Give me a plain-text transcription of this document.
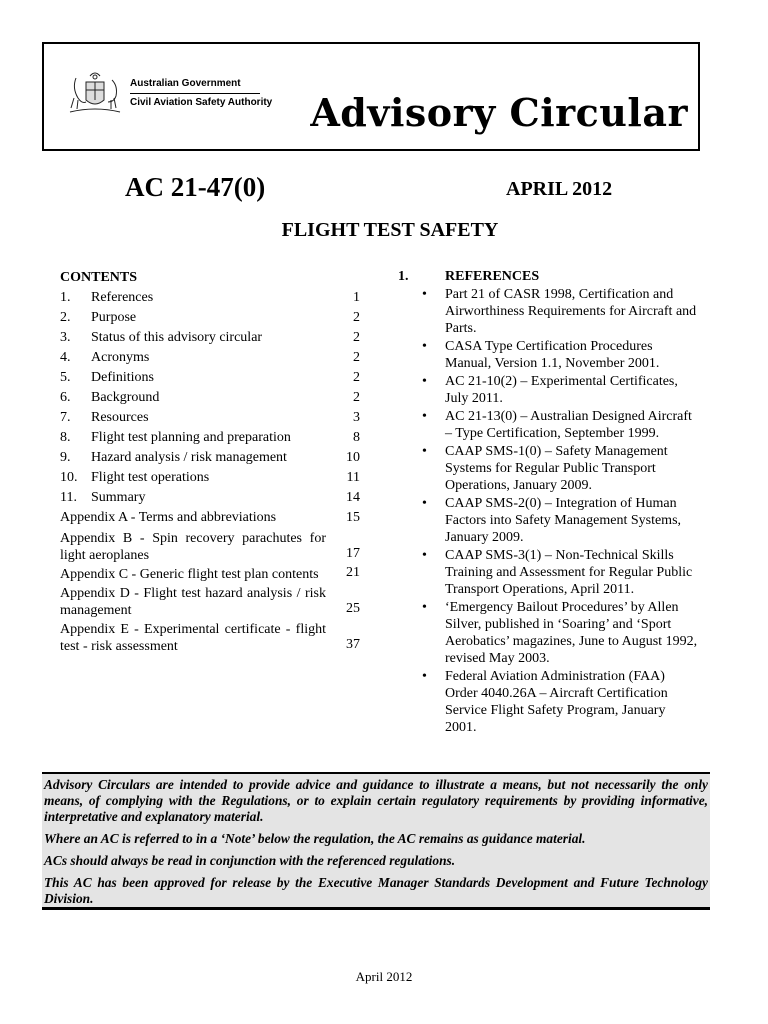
Australian Government
Civil Aviation Safety Authority Advisory Circular
AC 21-47(0)	APRIL 2012
FLIGHT TEST SAFETY
CONTENTS
1.	References	1
2.	Purpose	2
3.	Status of this advisory circular	2
4.	Acronyms	2
5.	Definitions	2
6.	Background	2
7.	Resources	3
8.	Flight test planning and preparation	8
9.	Hazard analysis / risk management	10
10. Flight test operations	11
11.	Summary	14
Appendix A - Terms and abbreviations	15
Appendix B - Spin recovery parachutes for light aeroplanes	17
Appendix C - Generic flight test plan contents	21
Appendix D - Flight test hazard analysis / risk management	25
Appendix E - Experimental certificate - flight test - risk assessment	37
1.	REFERENCES
• Part 21 of CASR 1998, Certification and Airworthiness Requirements for Aircraft and Parts.
• CASA Type Certification Procedures Manual, Version 1.1, November 2001.
• AC 21-10(2) – Experimental Certificates, July 2011.
• AC 21-13(0) – Australian Designed Aircraft – Type Certification, September 1999.
• CAAP SMS-1(0) – Safety Management Systems for Regular Public Transport Operations, January 2009.
• CAAP SMS-2(0) – Integration of Human Factors into Safety Management Systems, January 2009.
• CAAP SMS-3(1) – Non-Technical Skills Training and Assessment for Regular Public Transport Operations, April 2011.
• ‘Emergency Bailout Procedures’ by Allen Silver, published in ‘Soaring’ and ‘Sport Aerobatics’ magazines, June to August 1992, revised May 2003.
• Federal Aviation Administration (FAA) Order 4040.26A – Aircraft Certification Service Flight Safety Program, January 2001.

Advisory Circulars are intended to provide advice and guidance to illustrate a means, but not necessarily the only means, of complying with the Regulations, or to explain certain regulatory requirements by providing informative, interpretative and explanatory material.

Where an AC is referred to in a ‘Note’ below the regulation, the AC remains as guidance material.

ACs should always be read in conjunction with the referenced regulations.

This AC has been approved for release by the Executive Manager Standards Development and Future Technology Division.

April 2012
